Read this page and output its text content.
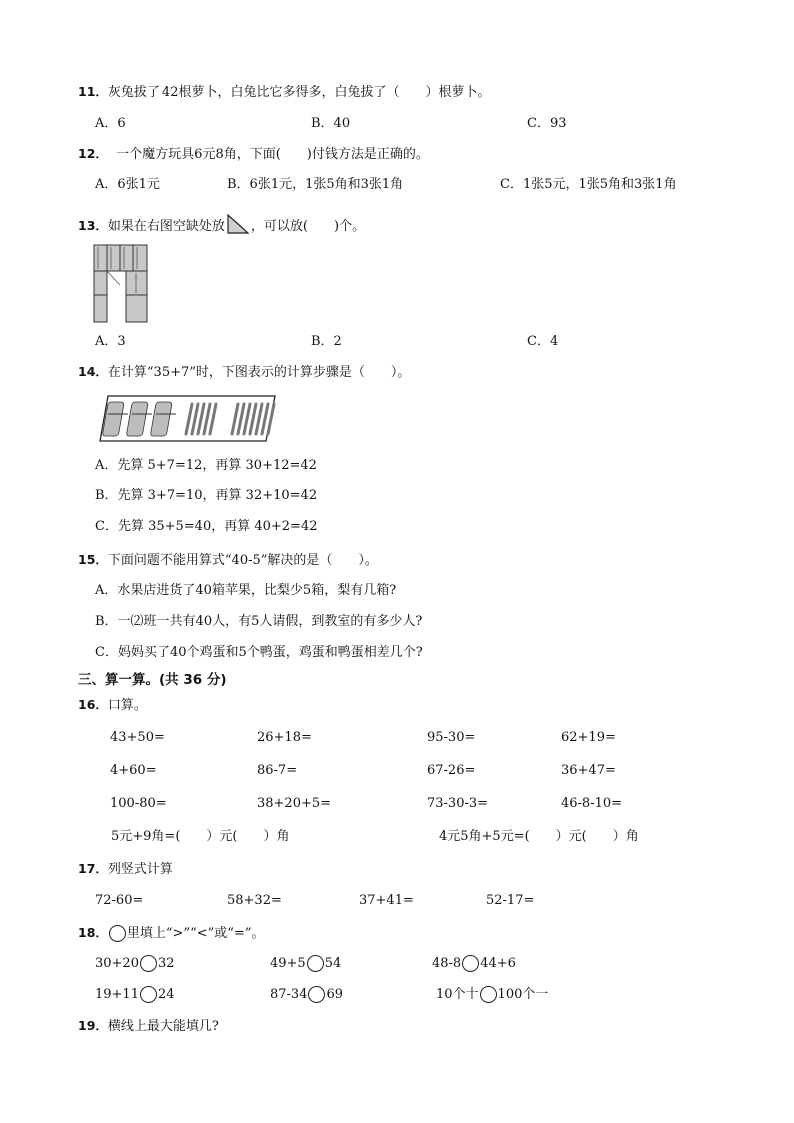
11．灰兔拔了 42根萝卜，白兔比它多得多，白兔拔了（　　）根萝卜。
A．6	B．40	C．93
12． 一个魔方玩具6元8角，下面(　　)付钱方法是正确的。
A．6张1元	B．6张1元，1张5角和3张1角	C．1张5元，1张5角和3张1角
13．如果在右图空缺处放 ，可以放(　　)个。
A．3	B．2	C．4
14．在计算“35+7”时，下图表示的计算步骤是（　　）。
A．先算 5+7=12，再算 30+12=42
B．先算 3+7=10，再算 32+10=42
C．先算 35+5=40，再算 40+2=42
15．下面问题不能用算式“40-5”解决的是（　　）。
A．水果店进货了40箱苹果，比梨少5箱，梨有几箱?
B．一⑵班一共有40人，有5人请假，到教室的有多少人?
C．妈妈买了40个鸡蛋和5个鸭蛋，鸡蛋和鸭蛋相差几个?
三、算一算。(共 36 分)
16．口算。
43+50=	26+18=	95-30=	62+19=
4+60=	86-7=	67-26=	36+47=
100-80=	38+20+5=	73-30-3=	46-8-10=
5元+9角=(　　）元(　　）角	4元5角+5元=(　　）元(　　）角
17．列竖式计算
72-60=	58+32=	37+41=	52-17=
18． 里填上“>”“<”或“=”。
30+20 32	49+5 54	48-8 44+6
19+11 24	87-34 69	10个十 100个一
19．横线上最大能填几?
